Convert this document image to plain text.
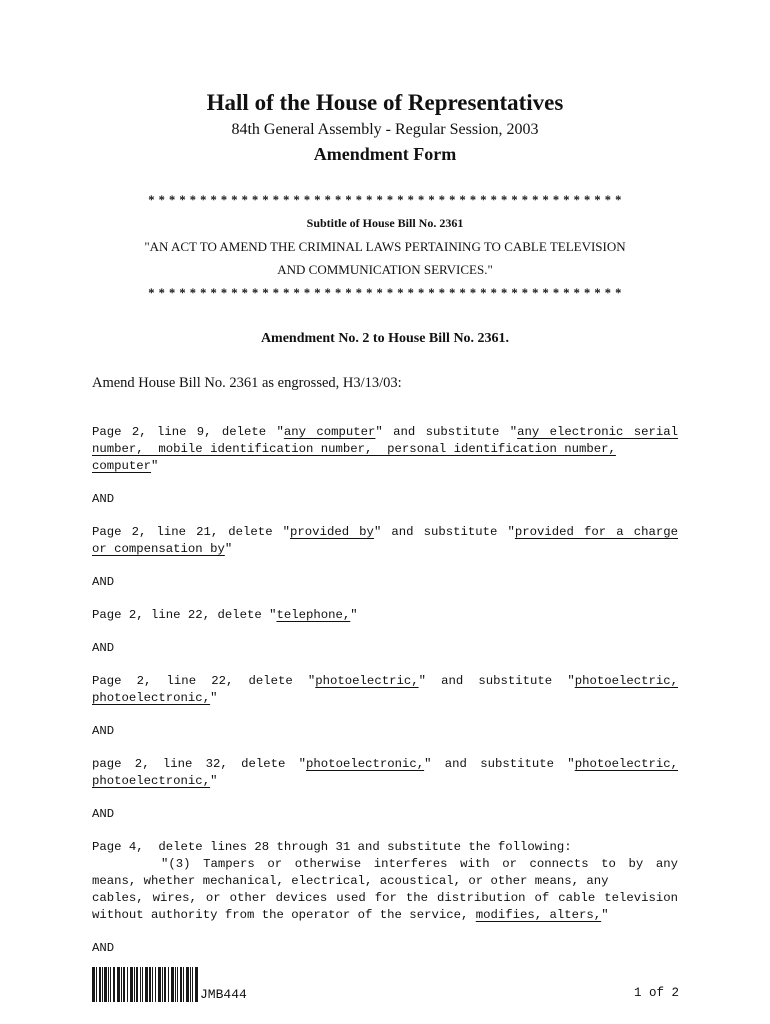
Hall of the House of Representatives
84th General Assembly - Regular Session, 2003
Amendment Form
* * * * * * * * * * * * * * * * * * * * * * * * * * * * * * * * * * * * * * * * * * * * * *
Subtitle of House Bill No. 2361
"AN ACT TO AMEND THE CRIMINAL LAWS PERTAINING TO CABLE TELEVISION
AND COMMUNICATION SERVICES."
* * * * * * * * * * * * * * * * * * * * * * * * * * * * * * * * * * * * * * * * * * * * * *
Amendment No. 2 to House Bill No. 2361.
Amend House Bill No. 2361 as engrossed, H3/13/03:
Page 2, line 9, delete "any computer" and substitute "any electronic serial
number,  mobile identification number,  personal identification number,
computer"
AND
Page 2, line 21, delete "provided by" and substitute "provided for a charge
or compensation by"
AND
Page 2, line 22, delete "telephone,"
AND
Page 2, line 22, delete "photoelectric," and substitute "photoelectric,
photoelectronic,"
AND
page 2, line 32, delete "photoelectronic," and substitute "photoelectric,
photoelectronic,"
AND
Page 4,  delete lines 28 through 31 and substitute the following:
"(3) Tampers or otherwise interferes with or connects to by any
means, whether mechanical, electrical, acoustical, or other means, any
cables, wires, or other devices used for the distribution of cable television
without authority from the operator of the service, modifies, alters,"
AND
JMB444	1 of 2
